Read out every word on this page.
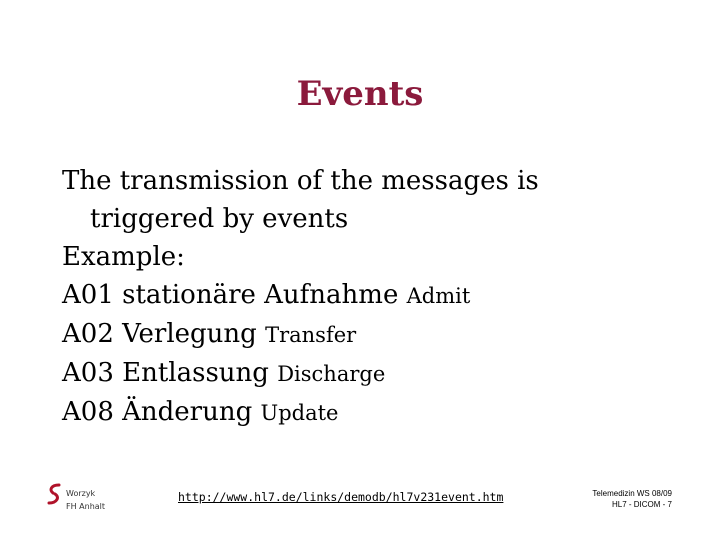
Events
The transmission of the messages is
triggered by events
Example:
A01 stationäre Aufnahme Admit
A02 Verlegung Transfer
A03 Entlassung Discharge
A08 Änderung Update
Worzyk
FH Anhalt
http://www.hl7.de/links/demodb/hl7v231event.htm	Telemedizin WS 08/09
HL7 - DICOM - 7
